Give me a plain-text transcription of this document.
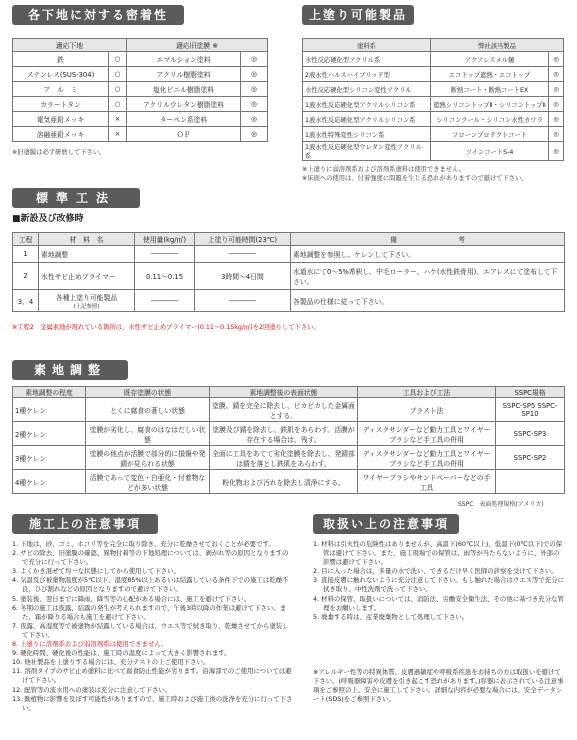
各下地に対する密着性
適応下地		適応旧塗膜 ※	
鉄	○	エマルション塗料	◎
ステンレス(SUS-304)	○	アクリル樹脂塗料	◎
ア　ル　ミ	○	塩化ビニル樹脂塗料	◎
カラートタン	○	アクリルウレタン樹脂塗料	◎
電気亜鉛メッキ	×	ターペン系塗料	◎
溶融亜鉛メッキ	×	ＯＰ	◎
※旧塗膜は必ず研磨して下さい。
上塗り可能製品
塗料系	弊社該当製品	
水性反応硬化型アクリル系	アクアレスメル鏡	◎
2液水性ハルスハイブリッド型	エコトップ遮熱・エコトップ	◎
水性反応硬化型シリコン変性アクリル	断熱コート・断熱コートEX	◎
1液水性反応硬化型アクリルシリコン系	遮熱シリコントップⅡ・シリコントップⅡ	◎
1液水性反応硬化型アクリルシリコン系	シリコンクール・シリコン水性カワラ	◎
1液水性特殊変性シリコン系	フローンプロテクトコート	◎
1液水性反応硬化型ウレタン変性アクリル系	ツインコートS-4	◎
※上塗りに弱溶剤系および溶剤系塗料は使用できません。
※床面への使用は、付着強度に問題を生じる恐れがありますので避けて下さい。
標準工法
■新設及び改修時
工程	材　料　名	使用量(kg/㎡)	上塗り可能時間(23℃)	備　　　　　　　　　考
1	素地調整	――――	――――	素地調整を参照し、ケレンして下さい。
2	水性サビ止めプライマー	0.11～0.15	3時間～4日間	水道水にて0～5%希釈し、中毛ローラー、ハケ(水性鉄骨用)、エアレスにて塗布して下さい。
3、4	各種上塗り可能製品
(上記参照)	――――	――――	各製品の仕様に従って下さい。
※工程2　金属素地が現れている箇所は、水性サビ止めプライマー(0.11～0.15kg/㎡)を2回塗りして下さい。
素地調整
素地調整の程度	既存塗膜の状態	素地調整後の表面状態	工具および工法	SSPC規格
1種ケレン	とくに腐食の著しい状態	塗膜、錆を完全に除去し、ピカピカした金属面とする。	ブラスト法	SSPC-SP5 SSPC-SP10
2種ケレン	塗膜が劣化し、腐食のはなはだしい状態	塗膜及び錆を除去し、鉄肌をあらわす。活膜が存在する場合は、残す。	ディスクサンダーなど動力工具とワイヤーブラシなど手工具の併用	SSPC-SP3
3種ケレン	塗膜の他点が活膜で部分的に損傷や発錆が見られる状態	全面に工具をあてて劣化塗膜を除去し、発錆部は錆を落とし鉄肌をあらわす。	ディスクサンダーなど動力工具とワイヤーブラシなど手工具の併用	SSPC-SP2
4種ケレン	活膜であって変色・白亜化・付着物などが多い状態	粉化物および汚れを除去し清浄にする。	ワイヤーブラシやサンドペーパーなどの手工具	
SSPC　表面処理規格(アメリカ)
施工上の注意事項

1. 下地は、砂、ゴミ、ホコリ等を完全に取り除き、充分に乾燥させておくことが必要です。

2. サビの除去、旧塗膜の確認、異物付着等の下地処理については、剥がれ等の原因となりますので充分に行って下さい。

3. よくかき混ぜて均一な状態にしてから使用して下さい。

4. 気温及び被塗物温度が5℃以下、湿度85%以上あるいは結露している条件下での施工は乾燥不良、ひび割れなどの原因となりますので避けて下さい。

5. 塗装後、翌日までに降雨、降雪等の心配がある場合には、施工を避けて下さい。

6. 冬期の施工は夜露、結露の発生が考えられますので、午後3時以降の作業は避けて下さい。また、霜が降りる場合も施工を避けて下さい。

7. 夜露、高湿度等で被塗物が結露している場合は、ウエス等で拭き取り、乾燥させてから塗装して下さい。

8. 上塗りに溶剤系および弱溶剤系は使用できません。

9. 硬化時間、硬化後の性能は、施工時の温度によって大きく影響されます。

10. 他社製品を上塗りする場合には、充分テストの上ご使用下さい。

11. 溶剤タイプのサビ止め塗料に比べて腐食防止性能が劣ります。沿海部でのご使用については避けて下さい。

12. 配管等の流水用への塗装は充分に注意して下さい。

13. 動植物に影響を及ぼす可能性がありますので、施工時および施工後の洗浄を充分に行って下さい。

取扱い上の注意事項

1. 材料は引火性の危険性はありませんが、高温下(60℃以上)、低温下(0℃以下)での保管は避けて下さい。また、施工現場での保管は、雨等が当たらないように、外部の影響は避けて下さい。

2. 目に入った場合は、多量の水で洗い、できるだけ早く医師の診察を受けて下さい。

3. 直接皮膚に触れないように充分注意して下さい。もし触れた場合はウエス等で充分に拭き取り、中性洗剤で洗って下さい。

4. 材料の保管、取扱いについては、消防法、労働安全衛生法、その他に基づき充分な管理をお願いします。

5. 廃棄する時は、産業廃棄物として処理して下さい。

※アレルギー性等の特異体質、皮膚過敏症や呼吸系疾患をお持ちの方は取扱いを避けて下さい。(呼吸器障害や皮膚を引き起こす恐れがあります。)容器に表示されている注意事項をご参照の上、安全に施工して下さい。詳細な内容が必要な場合には、安全データシート(SDS)をご参照下さい。
